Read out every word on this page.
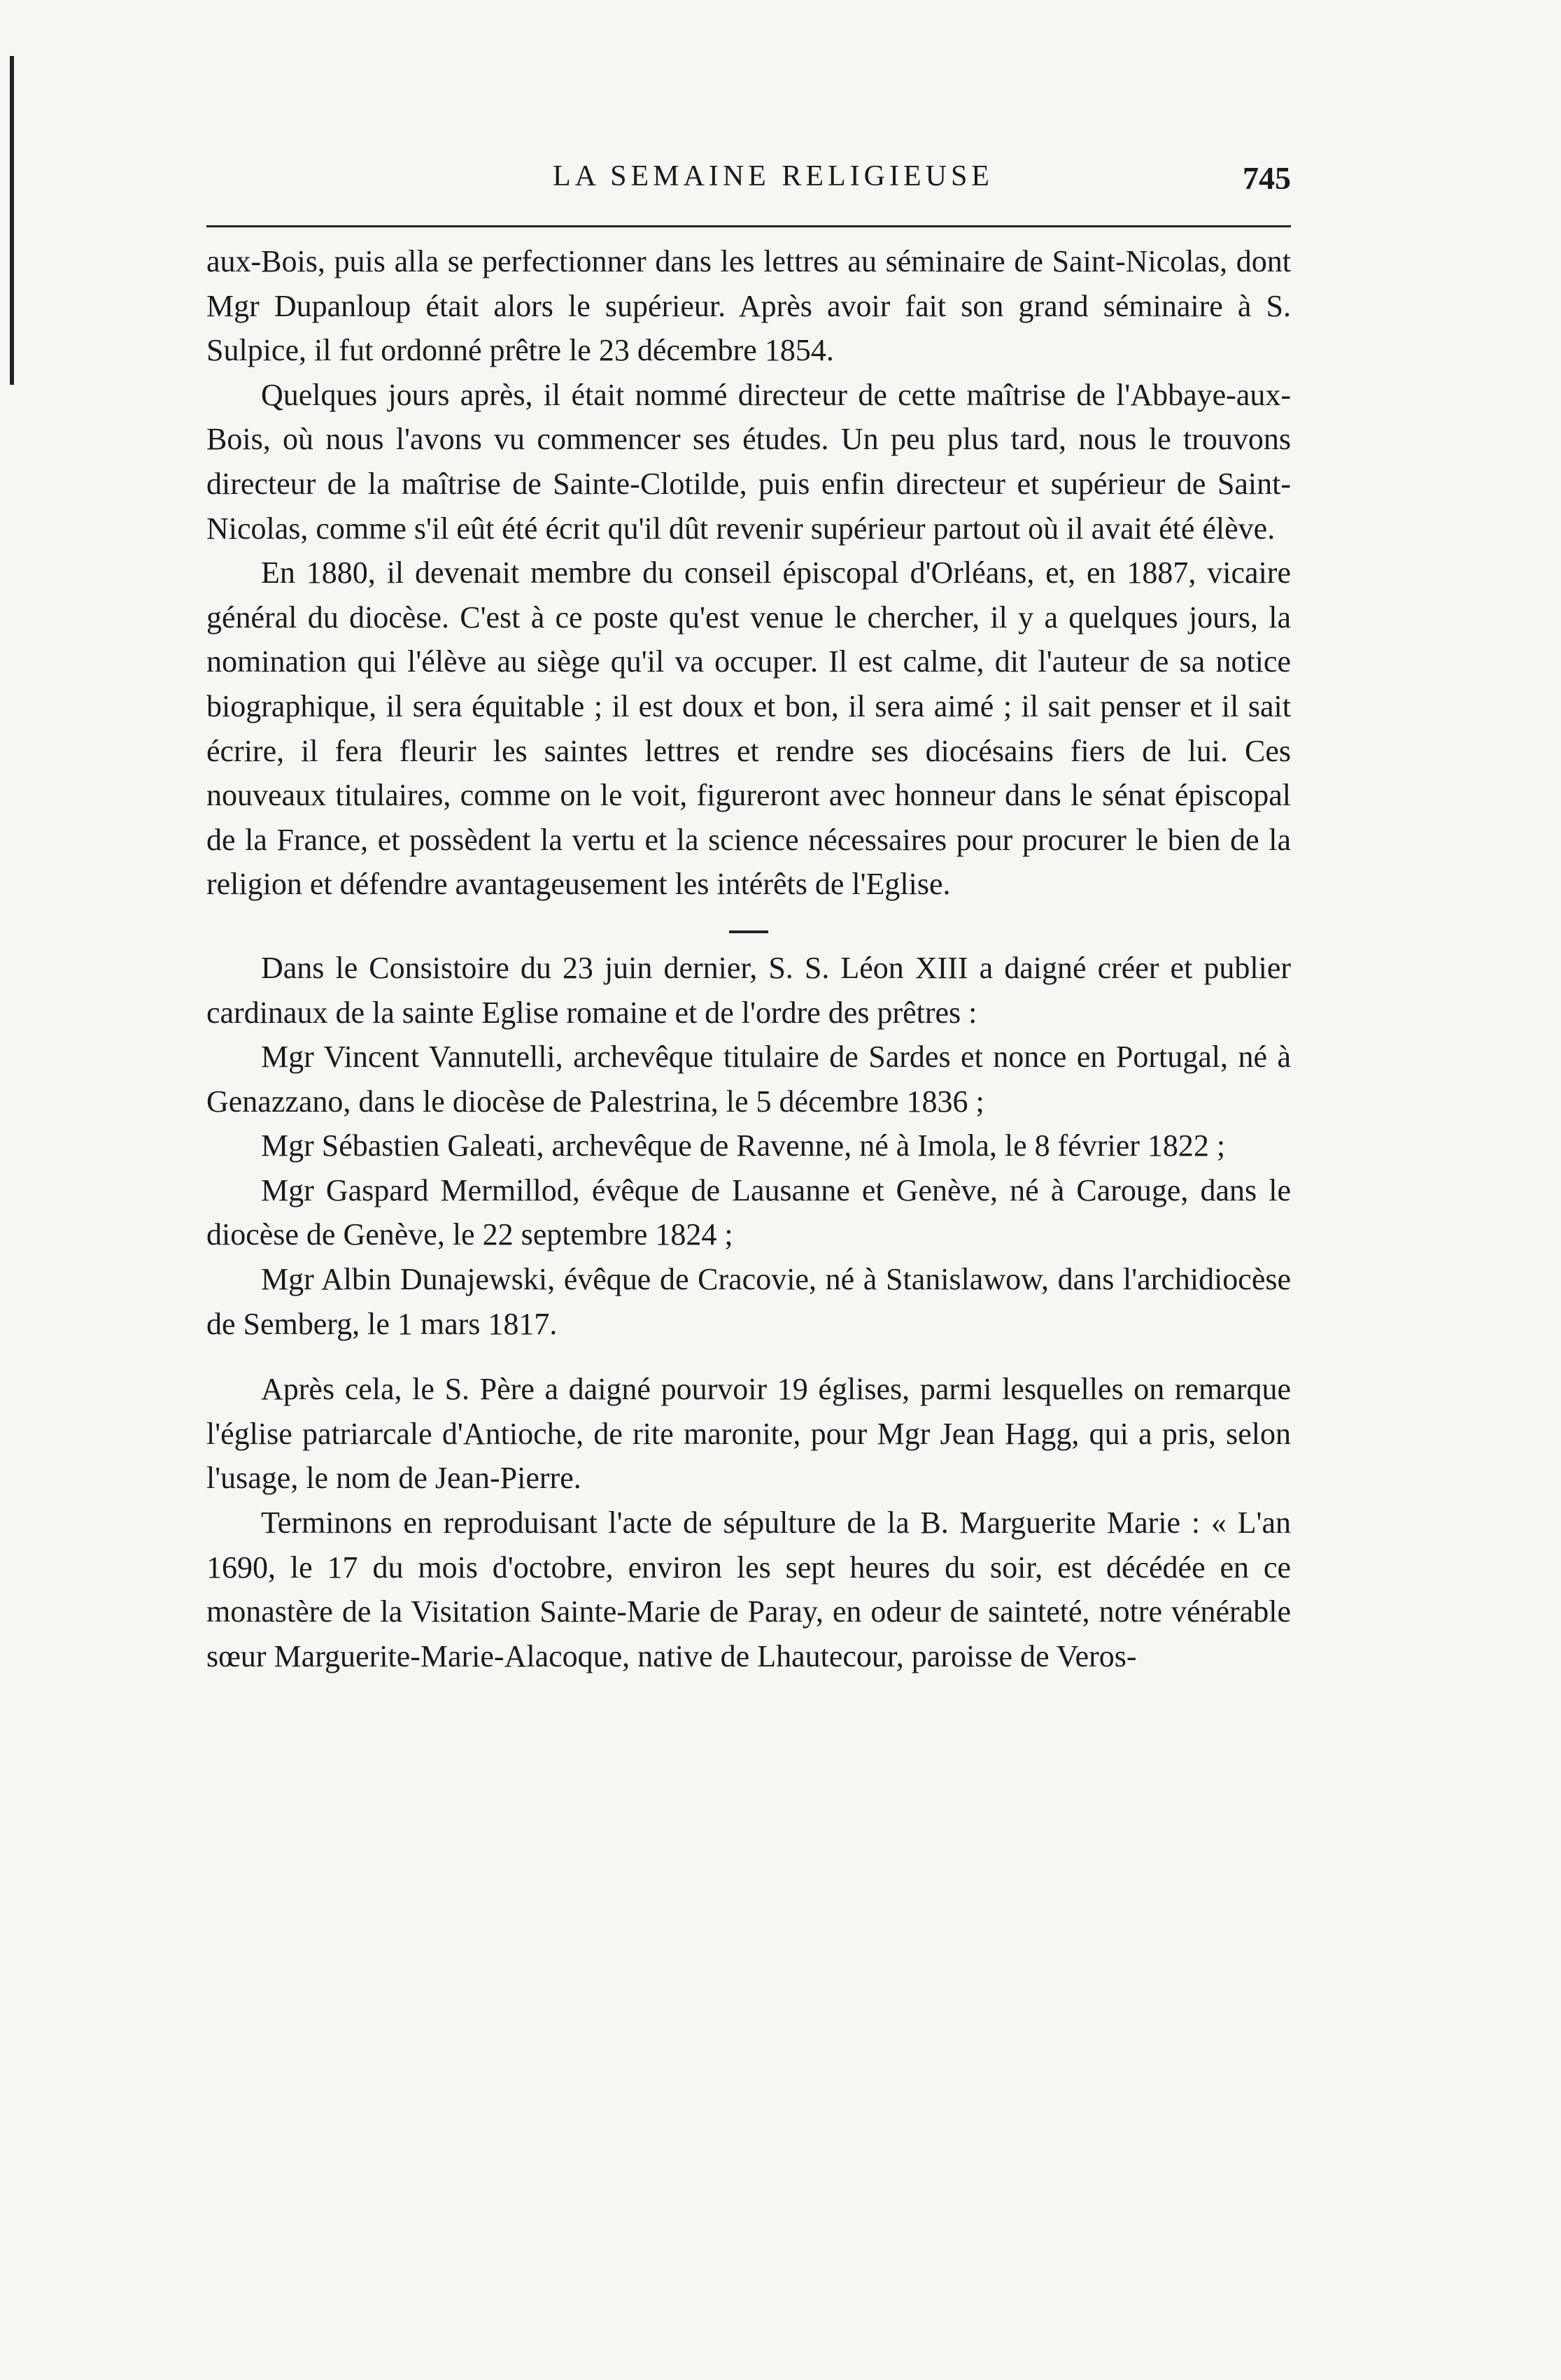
LA SEMAINE RELIGIEUSE	745

aux-Bois, puis alla se perfectionner dans les lettres au séminaire de Saint-Nicolas, dont Mgr Dupanloup était alors le supérieur. Après avoir fait son grand séminaire à S. Sulpice, il fut ordonné prêtre le 23 décembre 1854.

Quelques jours après, il était nommé directeur de cette maîtrise de l'Abbaye-aux-Bois, où nous l'avons vu commencer ses études. Un peu plus tard, nous le trouvons directeur de la maîtrise de Sainte-Clotilde, puis enfin directeur et supérieur de Saint-Nicolas, comme s'il eût été écrit qu'il dût revenir supérieur partout où il avait été élève.

En 1880, il devenait membre du conseil épiscopal d'Orléans, et, en 1887, vicaire général du diocèse. C'est à ce poste qu'est venue le chercher, il y a quelques jours, la nomination qui l'élève au siège qu'il va occuper. Il est calme, dit l'auteur de sa notice biographique, il sera équitable ; il est doux et bon, il sera aimé ; il sait penser et il sait écrire, il fera fleurir les saintes lettres et rendre ses diocésains fiers de lui. Ces nouveaux titulaires, comme on le voit, figureront avec honneur dans le sénat épiscopal de la France, et possèdent la vertu et la science nécessaires pour procurer le bien de la religion et défendre avantageusement les intérêts de l'Eglise.

Dans le Consistoire du 23 juin dernier, S. S. Léon XIII a daigné créer et publier cardinaux de la sainte Eglise romaine et de l'ordre des prêtres :

Mgr Vincent Vannutelli, archevêque titulaire de Sardes et nonce en Portugal, né à Genazzano, dans le diocèse de Palestrina, le 5 décembre 1836 ;

Mgr Sébastien Galeati, archevêque de Ravenne, né à Imola, le 8 février 1822 ;

Mgr Gaspard Mermillod, évêque de Lausanne et Genève, né à Carouge, dans le diocèse de Genève, le 22 septembre 1824 ;

Mgr Albin Dunajewski, évêque de Cracovie, né à Stanislawow, dans l'archidiocèse de Semberg, le 1 mars 1817.

Après cela, le S. Père a daigné pourvoir 19 églises, parmi lesquelles on remarque l'église patriarcale d'Antioche, de rite maronite, pour Mgr Jean Hagg, qui a pris, selon l'usage, le nom de Jean-Pierre.

Terminons en reproduisant l'acte de sépulture de la B. Marguerite Marie : « L'an 1690, le 17 du mois d'octobre, environ les sept heures du soir, est décédée en ce monastère de la Visitation Sainte-Marie de Paray, en odeur de sainteté, notre vénérable sœur Marguerite-Marie-Alacoque, native de Lhautecour, paroisse de Veros-
